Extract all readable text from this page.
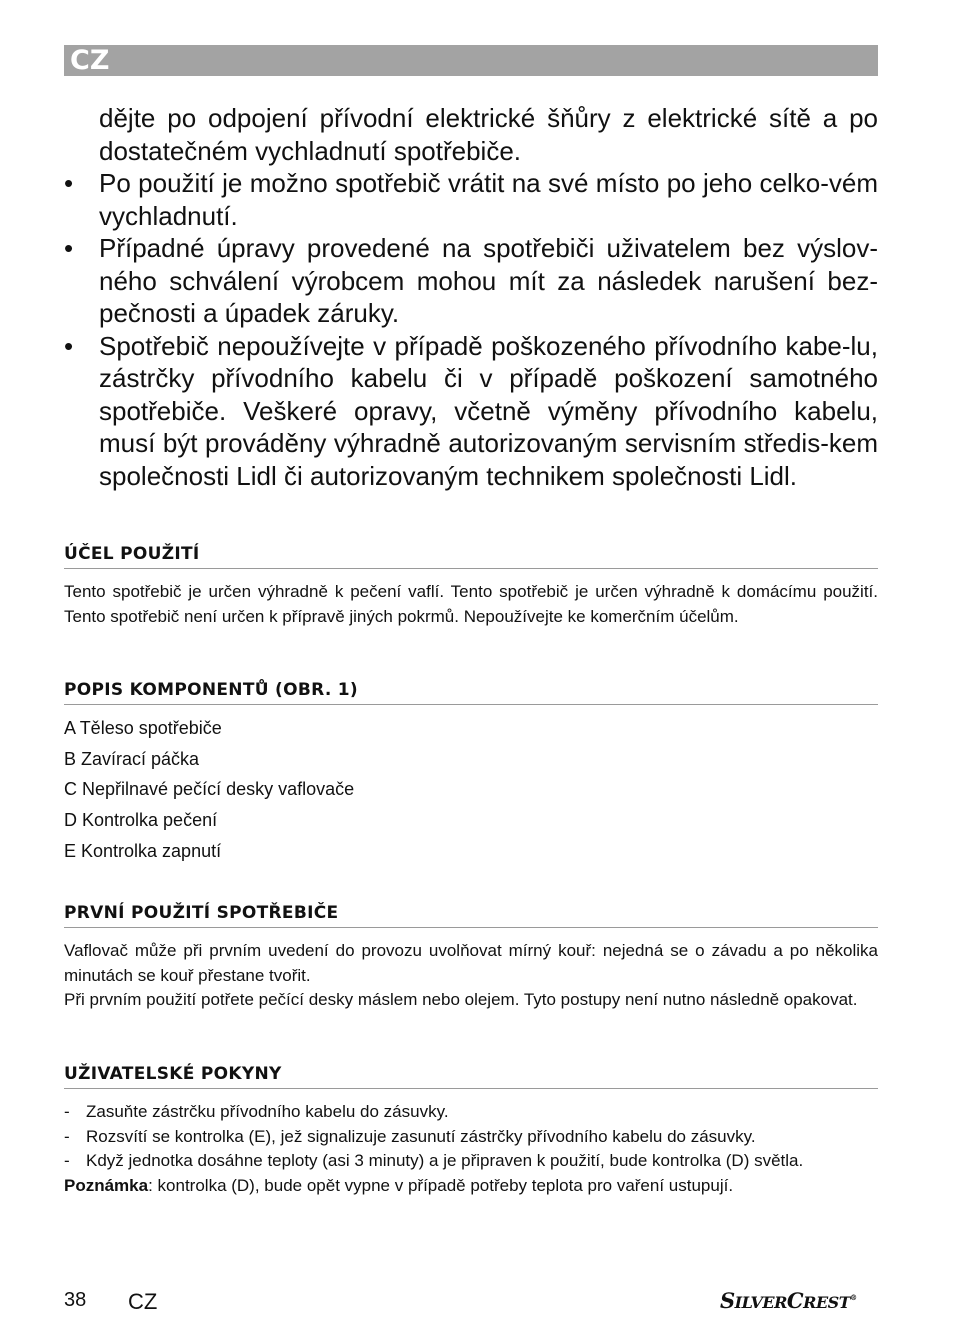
CZ

dějte po odpojení přívodní elektrické šňůry z elektrické sítě a po dostatečném vychladnutí spotřebiče.

• Po použití je možno spotřebič vrátit na své místo po jeho celko-vém vychladnutí.

• Případné úpravy provedené na spotřebiči uživatelem bez výslov-ného schválení výrobcem mohou mít za následek narušení bez-pečnosti a úpadek záruky.

• Spotřebič nepoužívejte v případě poškozeného přívodního kabe-lu, zástrčky přívodního kabelu či v případě poškození samotného spotřebiče. Veškeré opravy, včetně výměny přívodního kabelu, musí být prováděny výhradně autorizovaným servisním středis-kem společnosti Lidl či autorizovaným technikem společnosti Lidl.

ÚČEL POUŽITÍ

Tento spotřebič je určen výhradně k pečení vaflí. Tento spotřebič je určen výhradně k domácímu použití. Tento spotřebič není určen k přípravě jiných pokrmů. Nepoužívejte ke komerčním účelům.

POPIS KOMPONENTŮ (OBR. 1)
A Těleso spotřebiče
B Zavírací páčka
C Nepřilnavé pečící desky vaflovače
D Kontrolka pečení
E Kontrolka zapnutí
PRVNÍ POUŽITÍ SPOTŘEBIČE

Vaflovač může při prvním uvedení do provozu uvolňovat mírný kouř: nejedná se o závadu a po několika minutách se kouř přestane tvořit.

Při prvním použití potřete pečící desky máslem nebo olejem. Tyto postupy není nutno následně opakovat.

UŽIVATELSKÉ POKYNY

- Zasuňte zástrčku přívodního kabelu do zásuvky.

- Rozsvítí se kontrolka (E), jež signalizuje zasunutí zástrčky přívodního kabelu do zásuvky.

- Když jednotka dosáhne teploty (asi 3 minuty) a je připraven k použití, bude kontrolka (D) světla.

Poznámka: kontrolka (D), bude opět vypne v případě potřeby teplota pro vaření ustupují.

38 CZ	SILVERCREST®
